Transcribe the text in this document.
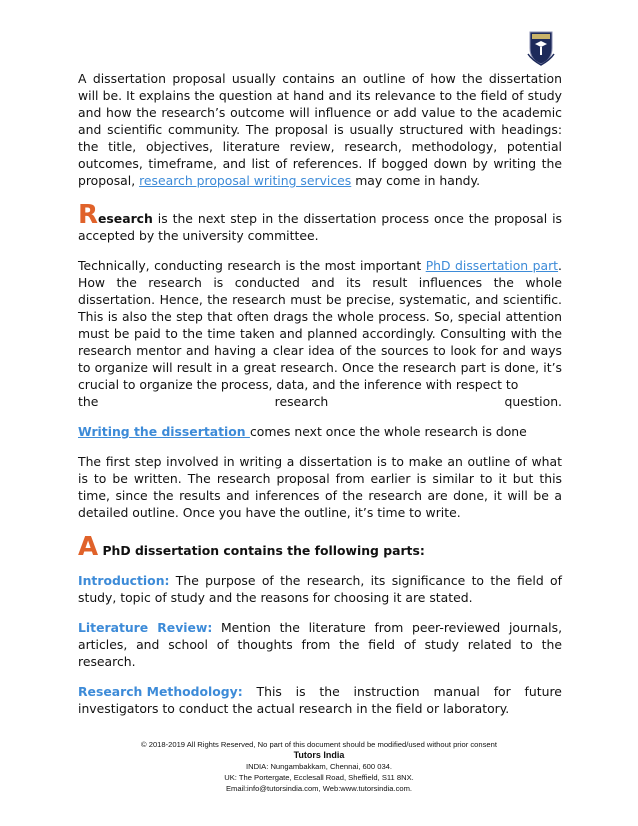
A dissertation proposal usually contains an outline of how the dissertation will be. It explains the question at hand and its relevance to the field of study and how the research’s outcome will influence or add value to the academic and scientific community. The proposal is usually structured with headings: the title, objectives, literature review, research, methodology, potential outcomes, timeframe, and list of references. If bogged down by writing the proposal, research proposal writing services may come in handy.

Research is the next step in the dissertation process once the proposal is accepted by the university committee.

Technically, conducting research is the most important PhD dissertation part. How the research is conducted and its result influences the whole dissertation. Hence, the research must be precise, systematic, and scientific. This is also the step that often drags the whole process. So, special attention must be paid to the time taken and planned accordingly. Consulting with the research mentor and having a clear idea of the sources to look for and ways to organize will result in a great research. Once the research part is done, it’s crucial to organize the process, data, and the inference with respect to

the	research	question.

Writing the dissertation comes next once the whole research is done

The first step involved in writing a dissertation is to make an outline of what is to be written. The research proposal from earlier is similar to it but this time, since the results and inferences of the research are done, it will be a detailed outline. Once you have the outline, it’s time to write.

A PhD dissertation contains the following parts:

Introduction: The purpose of the research, its significance to the field of study, topic of study and the reasons for choosing it are stated.

Literature Review: Mention the literature from peer-reviewed journals, articles, and school of thoughts from the field of study related to the research.

Research Methodology: This is the instruction manual for future

investigators to conduct the actual research in the field or laboratory.

© 2018-2019 All Rights Reserved, No part of this document should be modified/used without prior consent
Tutors India
INDIA: Nungambakkam, Chennai, 600 034.
UK: The Portergate, Ecclesall Road, Sheffield, S11 8NX.
Email:info@tutorsindia.com, Web:www.tutorsindia.com.
